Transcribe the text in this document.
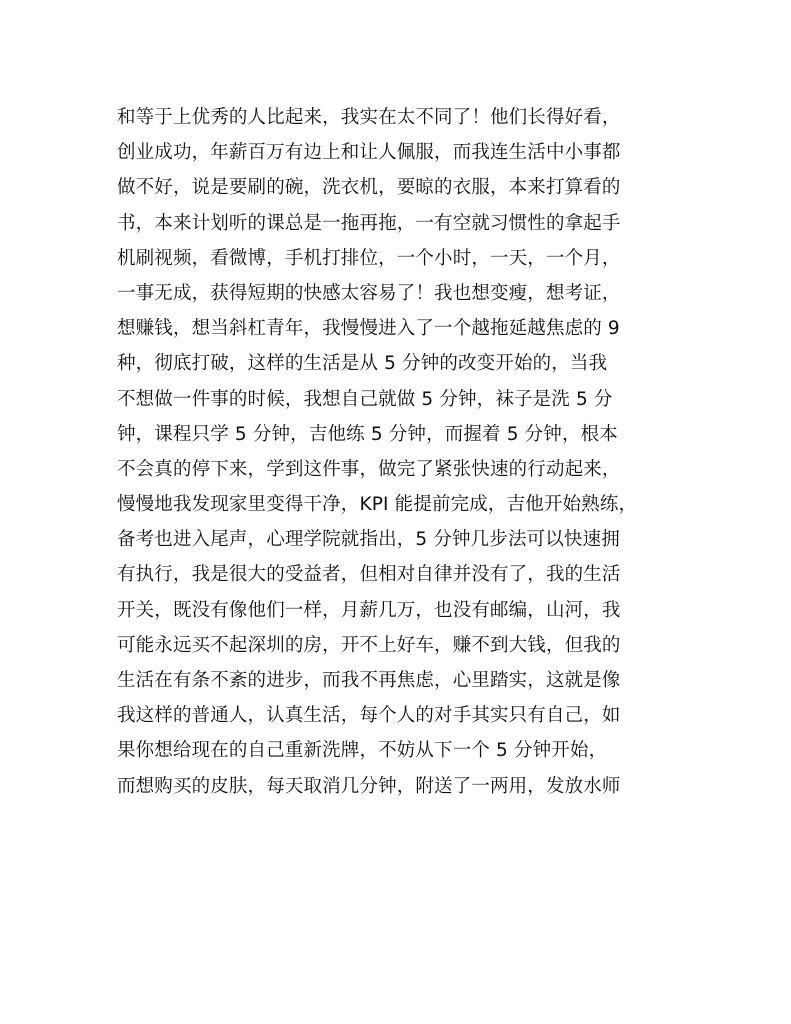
和等于上优秀的人比起来，我实在太不同了！他们长得好看，
创业成功，年薪百万有边上和让人佩服，而我连生活中小事都
做不好，说是要刷的碗，洗衣机，要晾的衣服，本来打算看的
书，本来计划听的课总是一拖再拖，一有空就习惯性的拿起手
机刷视频，看微博，手机打排位，一个小时，一天，一个月，
一事无成，获得短期的快感太容易了！我也想变瘦，想考证，
想赚钱，想当斜杠青年，我慢慢进入了一个越拖延越焦虑的 9
种，彻底打破，这样的生活是从 5 分钟的改变开始的，当我
不想做一件事的时候，我想自己就做 5 分钟，袜子是洗 5 分
钟，课程只学 5 分钟，吉他练 5 分钟，而握着 5 分钟，根本
不会真的停下来，学到这件事，做完了紧张快速的行动起来，
慢慢地我发现家里变得干净，KPI 能提前完成，吉他开始熟练，
备考也进入尾声，心理学院就指出，5 分钟几步法可以快速拥
有执行，我是很大的受益者，但相对自律并没有了，我的生活
开关，既没有像他们一样，月薪几万，也没有邮编，山河，我
可能永远买不起深圳的房，开不上好车，赚不到大钱，但我的
生活在有条不紊的进步，而我不再焦虑，心里踏实，这就是像
我这样的普通人，认真生活，每个人的对手其实只有自己，如
果你想给现在的自己重新洗牌，不妨从下一个 5 分钟开始，
而想购买的皮肤，每天取消几分钟，附送了一两用，发放水师
